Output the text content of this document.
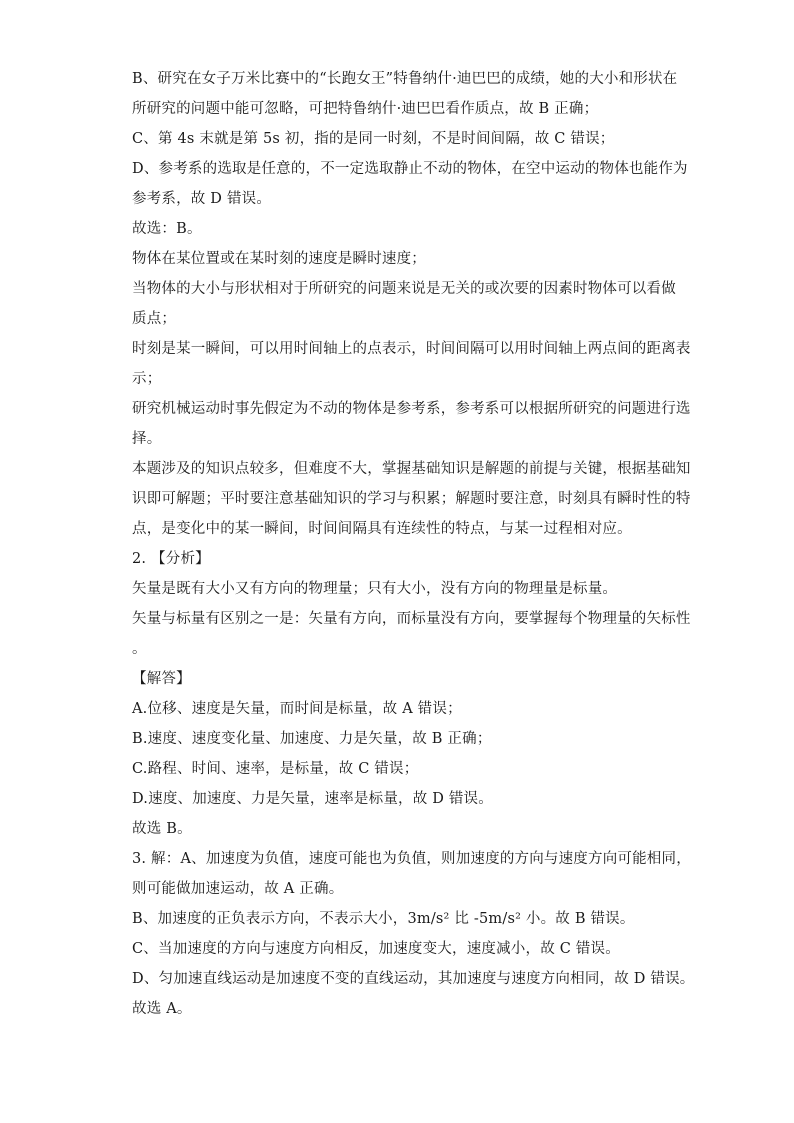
B、研究在女子万米比赛中的“长跑女王”特鲁纳什·迪巴巴的成绩，她的大小和形状在

所研究的问题中能可忽略，可把特鲁纳什·迪巴巴看作质点，故 B 正确；

C、第 4s 末就是第 5s 初，指的是同一时刻，不是时间间隔，故 C 错误；

D、参考系的选取是任意的，不一定选取静止不动的物体，在空中运动的物体也能作为

参考系，故 D 错误。

故选：B。

物体在某位置或在某时刻的速度是瞬时速度；

当物体的大小与形状相对于所研究的问题来说是无关的或次要的因素时物体可以看做

质点；

时刻是某一瞬间，可以用时间轴上的点表示，时间间隔可以用时间轴上两点间的距离表

示；

研究机械运动时事先假定为不动的物体是参考系，参考系可以根据所研究的问题进行选

择。

本题涉及的知识点较多，但难度不大，掌握基础知识是解题的前提与关键，根据基础知

识即可解题；平时要注意基础知识的学习与积累；解题时要注意，时刻具有瞬时性的特

点，是变化中的某一瞬间，时间间隔具有连续性的特点，与某一过程相对应。

2. 【分析】

矢量是既有大小又有方向的物理量；只有大小，没有方向的物理量是标量。

矢量与标量有区别之一是：矢量有方向，而标量没有方向，要掌握每个物理量的矢标性

。

【解答】

A.位移、速度是矢量，而时间是标量，故 A 错误；

B.速度、速度变化量、加速度、力是矢量，故 B 正确；

C.路程、时间、速率，是标量，故 C 错误；

D.速度、加速度、力是矢量，速率是标量，故 D 错误。

故选 B。

3. 解：A、加速度为负值，速度可能也为负值，则加速度的方向与速度方向可能相同，

则可能做加速运动，故 A 正确。

B、加速度的正负表示方向，不表示大小，3m/s² 比 -5m/s² 小。故 B 错误。

C、当加速度的方向与速度方向相反，加速度变大，速度减小，故 C 错误。

D、匀加速直线运动是加速度不变的直线运动，其加速度与速度方向相同，故 D 错误。

故选 A。
